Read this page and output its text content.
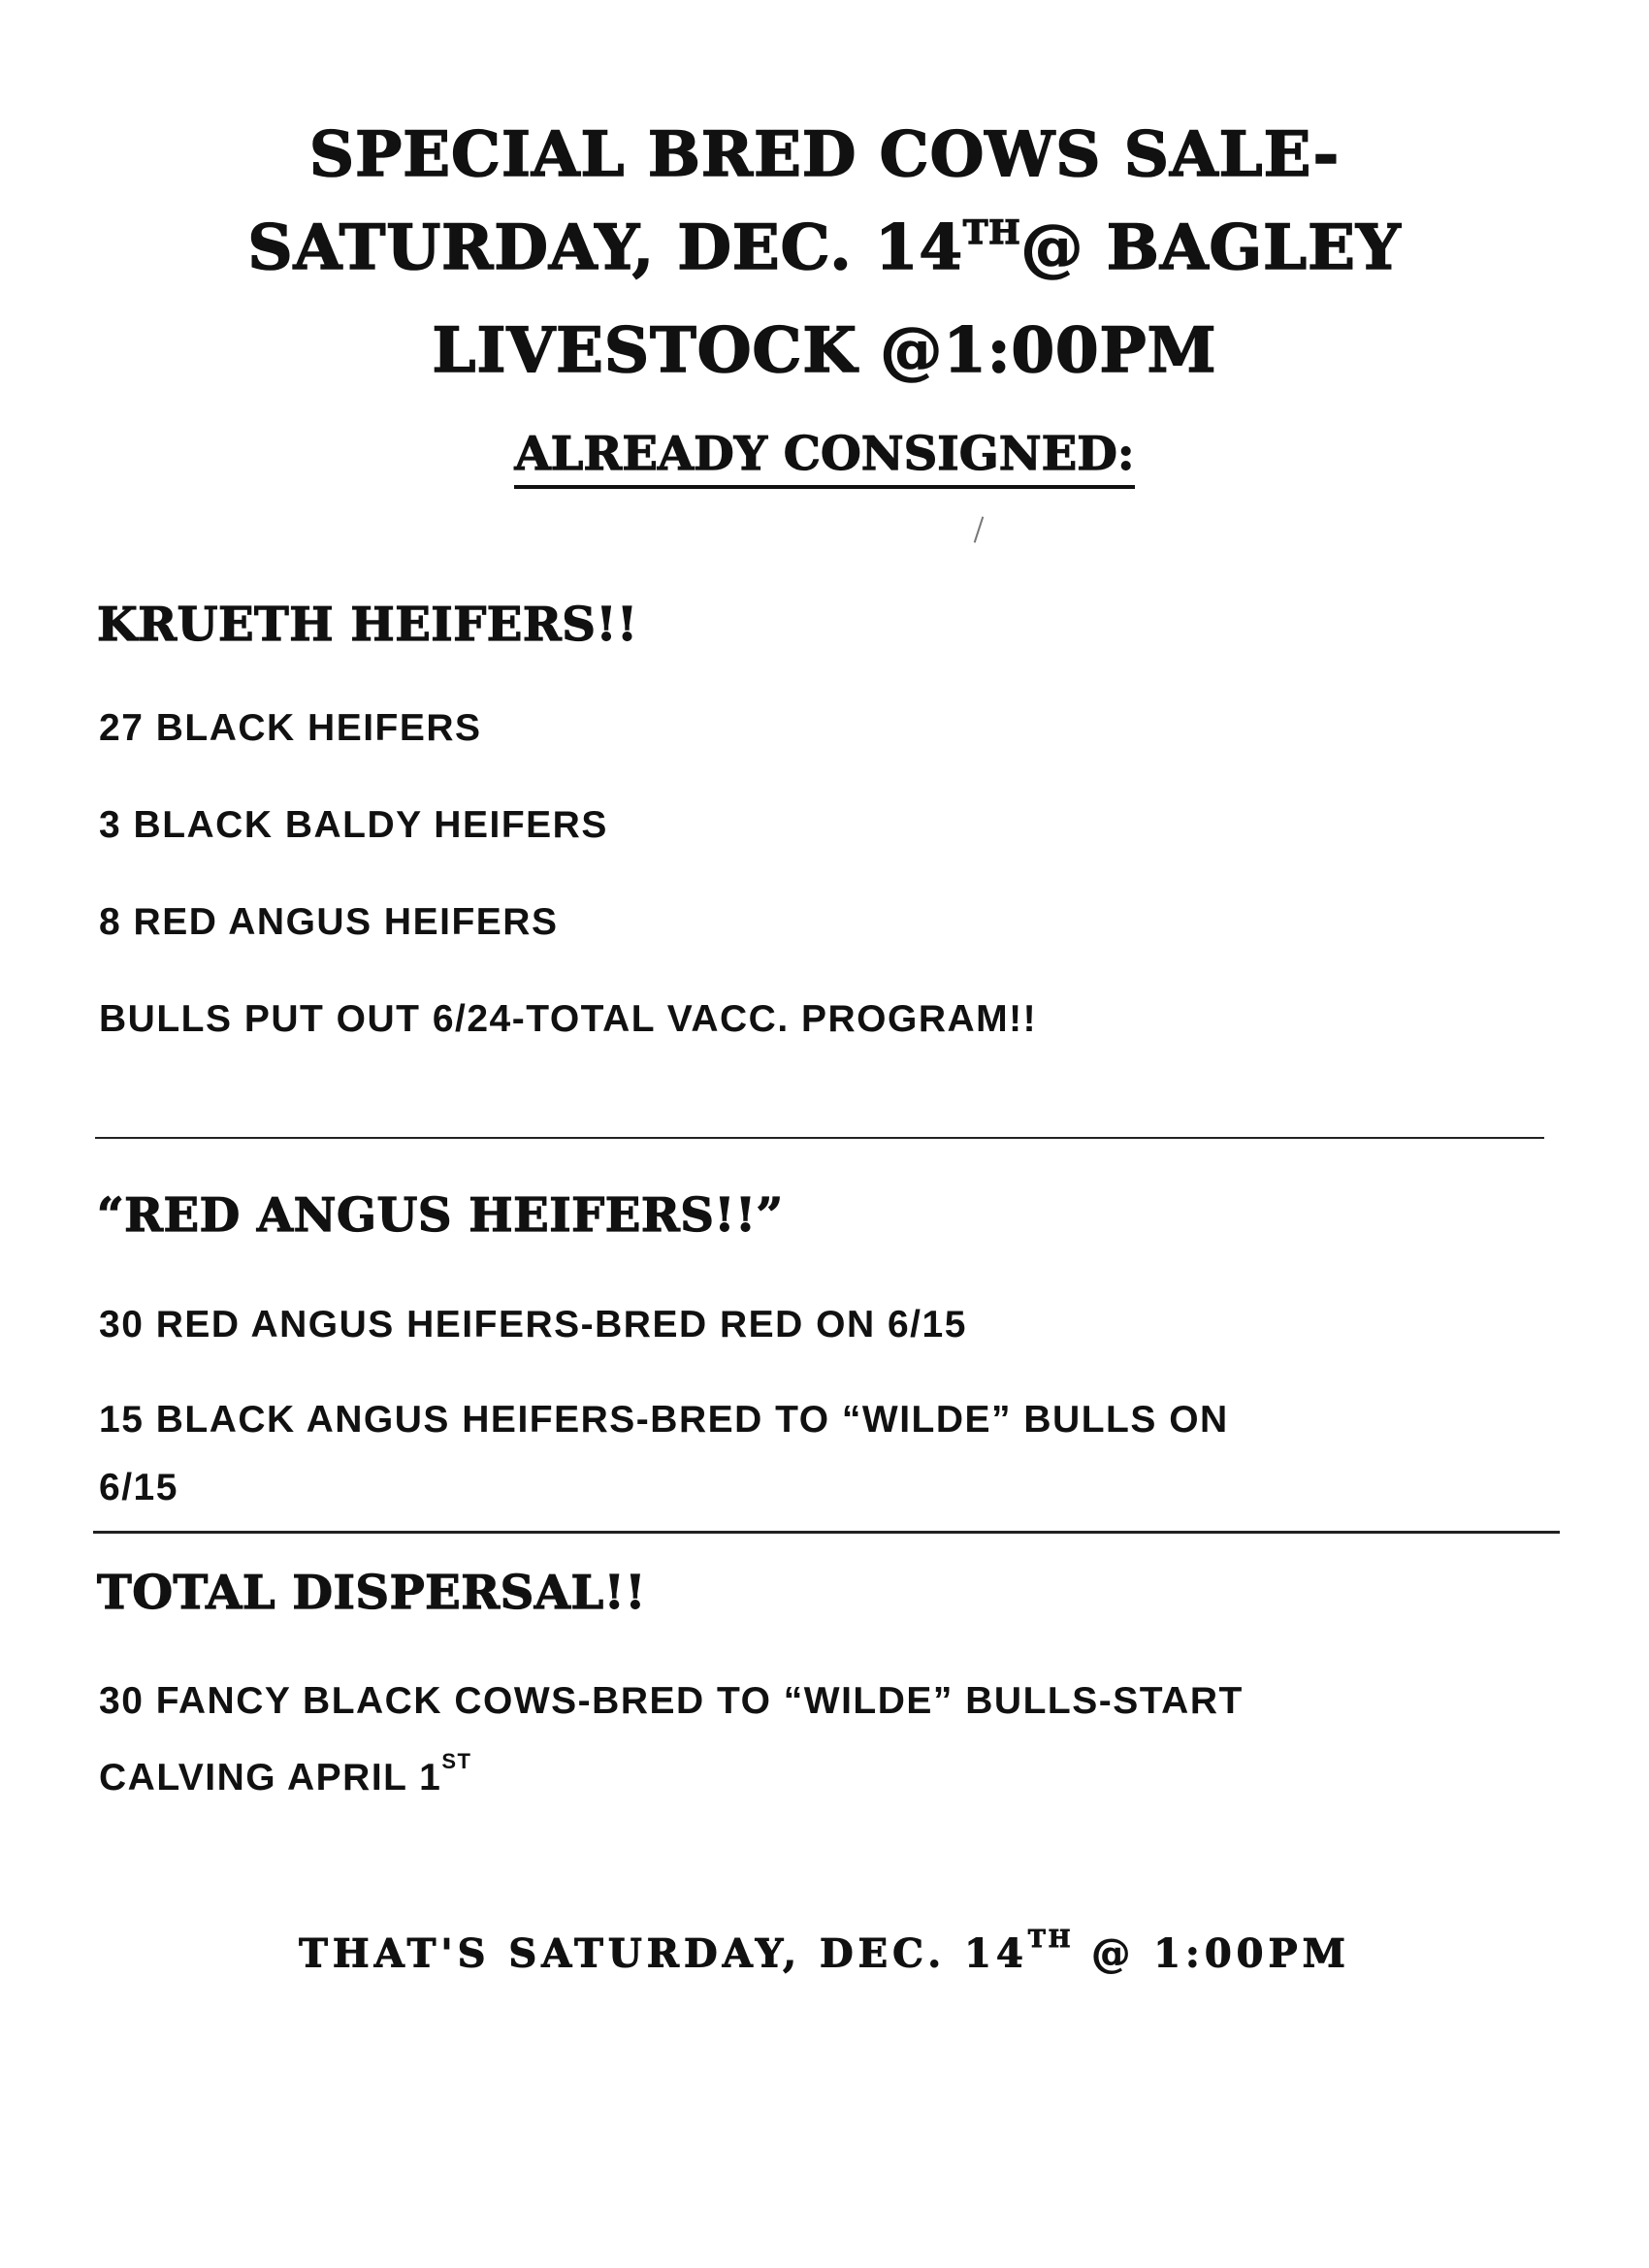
SPECIAL BRED COWS SALE-
SATURDAY, DEC. 14TH@ BAGLEY
LIVESTOCK @1:00PM
ALREADY CONSIGNED:
KRUETH HEIFERS!!
27 BLACK HEIFERS
3 BLACK BALDY HEIFERS
8 RED ANGUS HEIFERS
BULLS PUT OUT 6/24-TOTAL VACC. PROGRAM!!
“RED ANGUS HEIFERS!!”
30 RED ANGUS HEIFERS-BRED RED ON 6/15
15 BLACK ANGUS HEIFERS-BRED TO “WILDE” BULLS ON
6/15
TOTAL DISPERSAL!!
30 FANCY BLACK COWS-BRED TO “WILDE” BULLS-START
CALVING APRIL 1ST
THAT'S SATURDAY, DEC. 14TH @ 1:00PM
